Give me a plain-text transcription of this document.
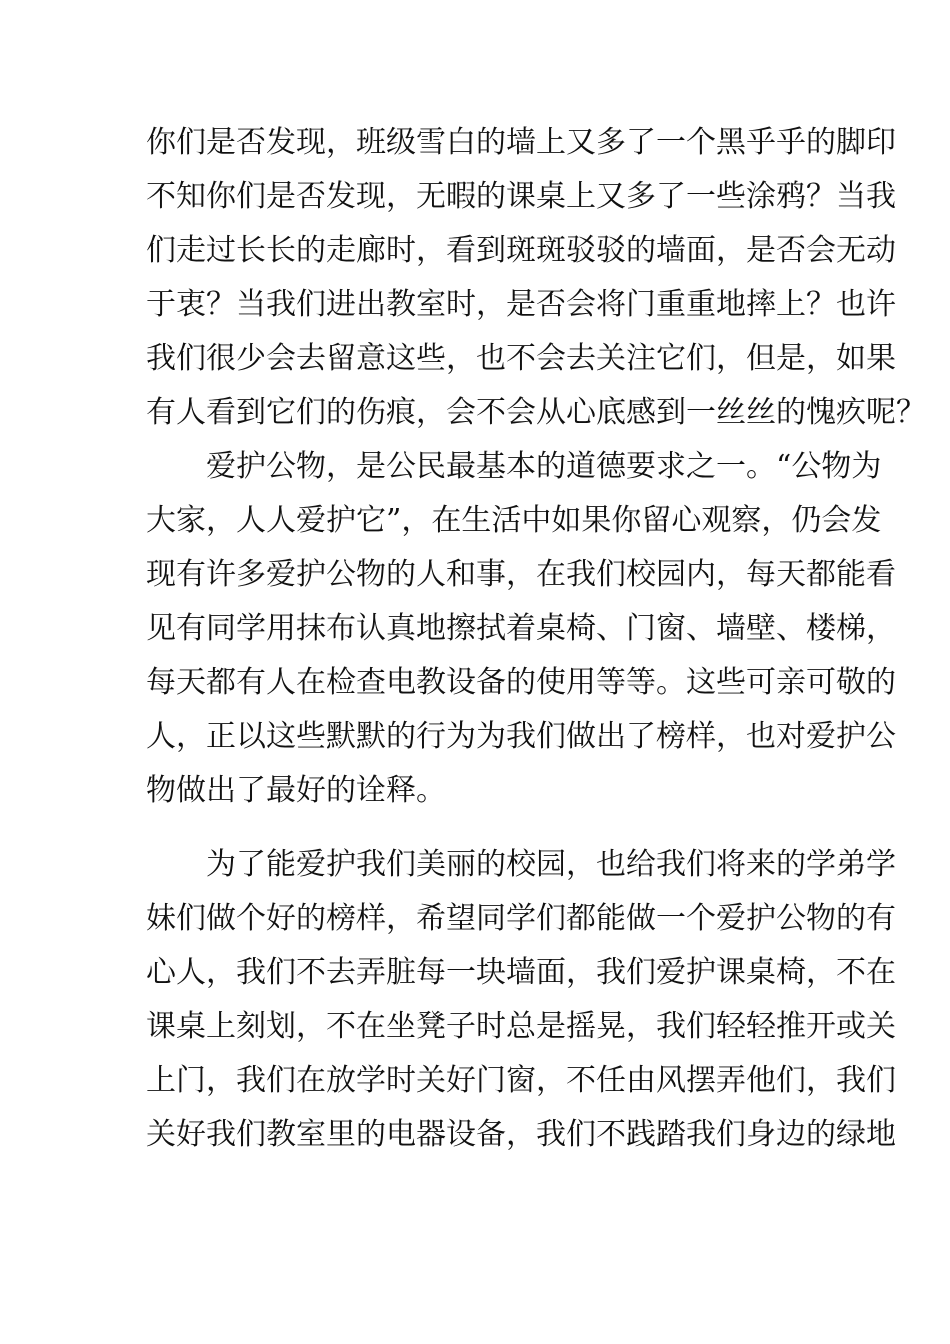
你们是否发现，班级雪白的墙上又多了一个黑乎乎的脚印
不知你们是否发现，无暇的课桌上又多了一些涂鸦？当我
们走过长长的走廊时，看到斑斑驳驳的墙面，是否会无动
于衷？当我们进出教室时，是否会将门重重地摔上？也许
我们很少会去留意这些，也不会去关注它们，但是，如果
有人看到它们的伤痕，会不会从心底感到一丝丝的愧疚呢？
爱护公物，是公民最基本的道德要求之一。“公物为
大家，人人爱护它”，在生活中如果你留心观察，仍会发
现有许多爱护公物的人和事，在我们校园内，每天都能看
见有同学用抹布认真地擦拭着桌椅、门窗、墙壁、楼梯，
每天都有人在检查电教设备的使用等等。这些可亲可敬的
人，正以这些默默的行为为我们做出了榜样，也对爱护公
物做出了最好的诠释。
为了能爱护我们美丽的校园，也给我们将来的学弟学
妹们做个好的榜样，希望同学们都能做一个爱护公物的有
心人，我们不去弄脏每一块墙面，我们爱护课桌椅，不在
课桌上刻划，不在坐凳子时总是摇晃，我们轻轻推开或关
上门，我们在放学时关好门窗，不任由风摆弄他们，我们
关好我们教室里的电器设备，我们不践踏我们身边的绿地
